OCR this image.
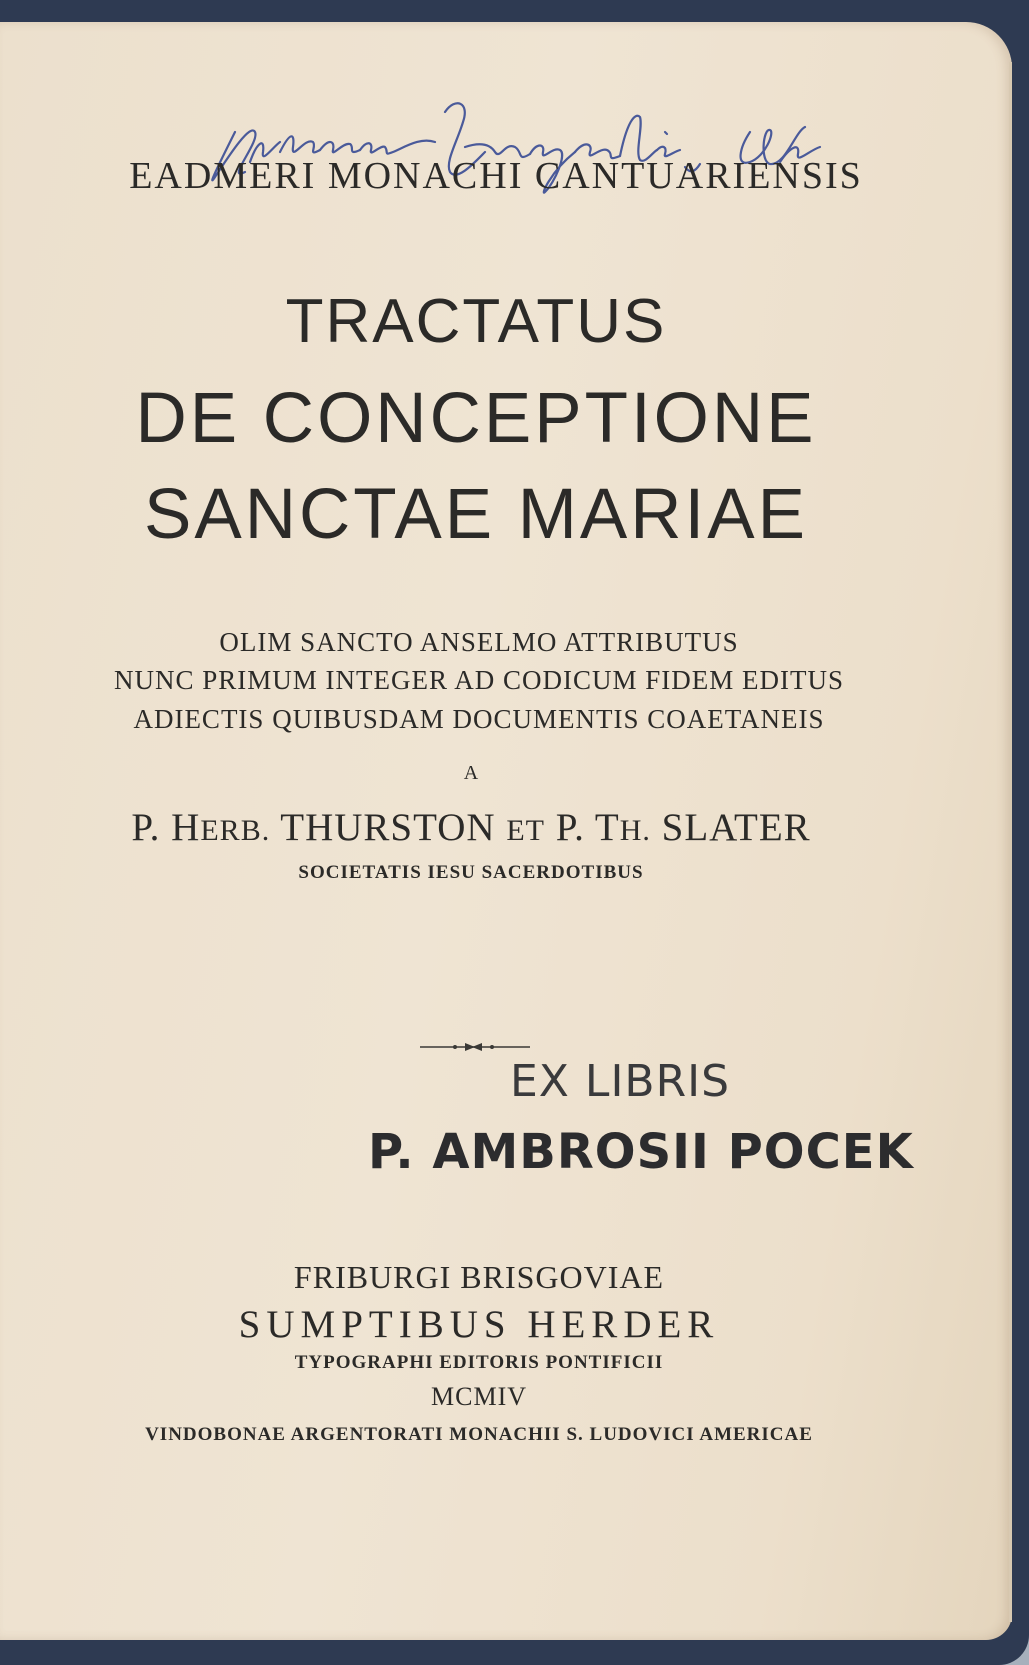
EADMERI MONACHI CANTUARIENSIS
TRACTATUS
DE CONCEPTIONE
SANCTAE MARIAE
OLIM SANCTO ANSELMO ATTRIBUTUS
NUNC PRIMUM INTEGER AD CODICUM FIDEM EDITUS
ADIECTIS QUIBUSDAM DOCUMENTIS COAETANEIS
A
P. HERB. THURSTON ET P. TH. SLATER
SOCIETATIS IESU SACERDOTIBUS
EX LIBRIS
P. AMBROSII POCEK
FRIBURGI BRISGOVIAE
SUMPTIBUS HERDER
TYPOGRAPHI EDITORIS PONTIFICII
MCMIV
VINDOBONAE ARGENTORATI MONACHII S. LUDOVICI AMERICAE
